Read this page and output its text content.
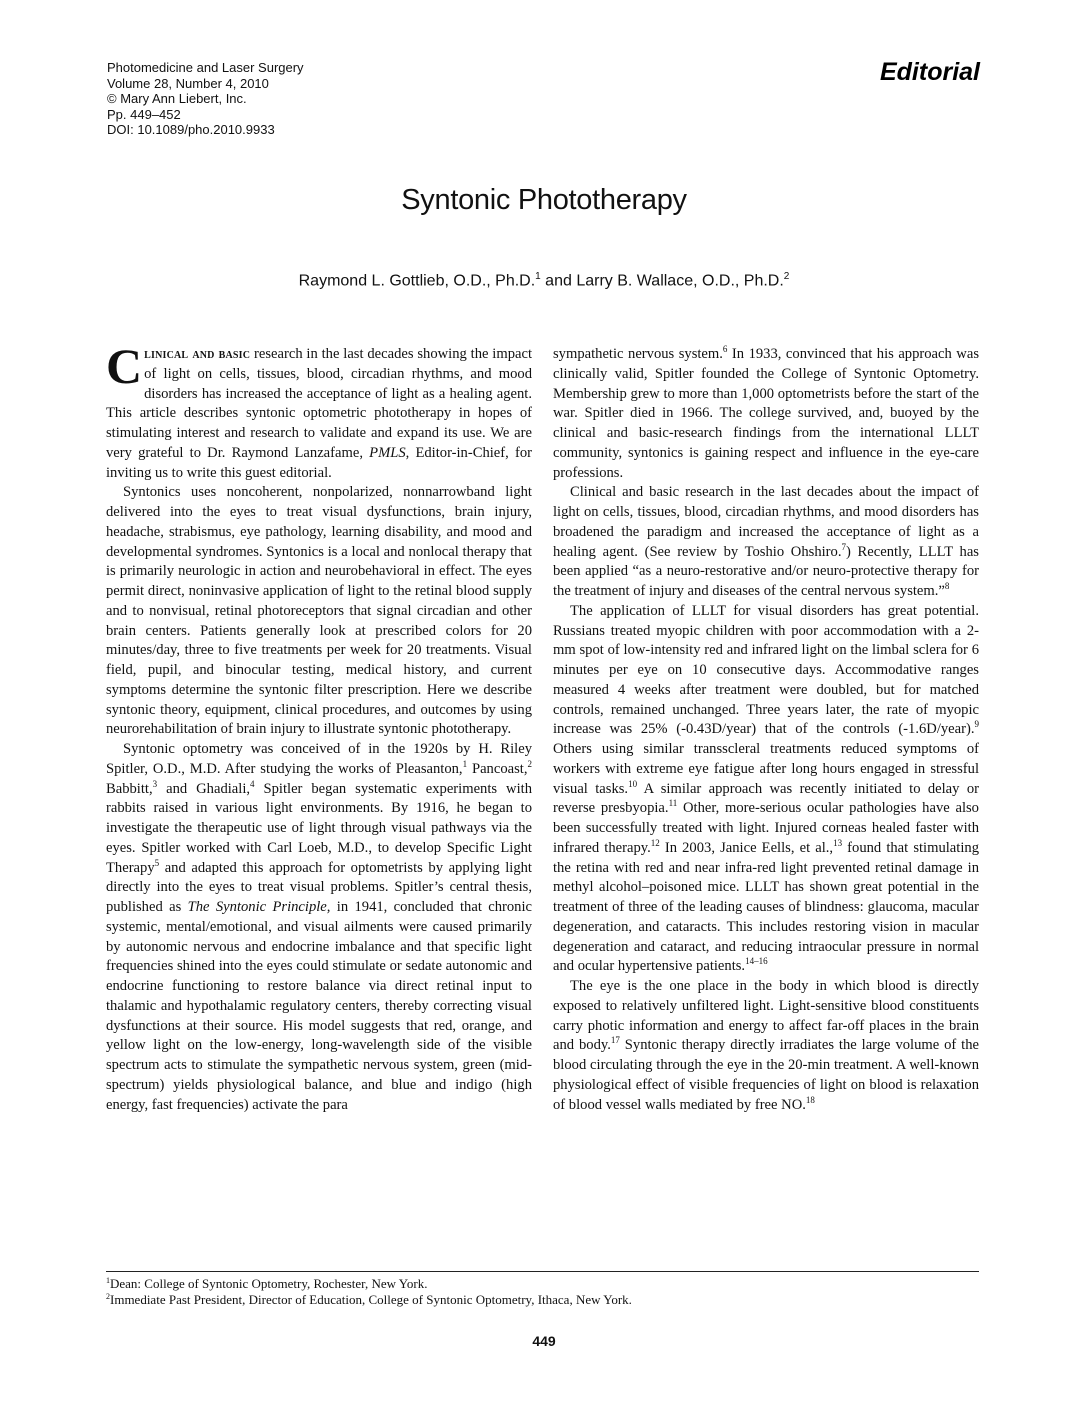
Photomedicine and Laser Surgery
Volume 28, Number 4, 2010
© Mary Ann Liebert, Inc.
Pp. 449–452
DOI: 10.1089/pho.2010.9933
Editorial
Syntonic Phototherapy
Raymond L. Gottlieb, O.D., Ph.D.$^1$ and Larry B. Wallace, O.D., Ph.D.$^2$

Clinical and basic research in the last decades showing the impact of light on cells, tissues, blood, circadian rhythms, and mood disorders has increased the acceptance of light as a healing agent. This article describes syntonic optometric phototherapy in hopes of stimulating interest and research to validate and expand its use. We are very grateful to Dr. Raymond Lanzafame, PMLS, Editor-in-Chief, for inviting us to write this guest editorial.

Syntonics uses noncoherent, nonpolarized, nonnarrowband light delivered into the eyes to treat visual dysfunctions, brain injury, headache, strabismus, eye pathology, learning disability, and mood and developmental syndromes. Syntonics is a local and nonlocal therapy that is primarily neurologic in action and neurobehavioral in effect. The eyes permit direct, noninvasive application of light to the retinal blood supply and to nonvisual, retinal photoreceptors that signal circadian and other brain centers. Patients generally look at prescribed colors for 20 minutes/day, three to five treatments per week for 20 treatments. Visual field, pupil, and binocular testing, medical history, and current symptoms determine the syntonic filter prescription. Here we describe syntonic theory, equipment, clinical procedures, and outcomes by using neurorehabilitation of brain injury to illustrate syntonic phototherapy.

Syntonic optometry was conceived of in the 1920s by H. Riley Spitler, O.D., M.D. After studying the works of Pleasanton,$^1$ Pancoast,$^2$ Babbitt,$^3$ and Ghadiali,$^4$ Spitler began systematic experiments with rabbits raised in various light environments. By 1916, he began to investigate the therapeutic use of light through visual pathways via the eyes. Spitler worked with Carl Loeb, M.D., to develop Specific Light Therapy$^5$ and adapted this approach for optometrists by applying light directly into the eyes to treat visual problems. Spitler’s central thesis, published as The Syntonic Principle, in 1941, concluded that chronic systemic, mental/​emotional, and visual ailments were caused primarily by autonomic nervous and endocrine imbalance and that specific light frequencies shined into the eyes could stimulate or sedate autonomic and endocrine functioning to restore balance via direct retinal input to thalamic and hypothalamic regulatory centers, thereby correcting visual dysfunctions at their source. His model suggests that red, orange, and yellow light on the low-energy, long-wavelength side of the visible spectrum acts to stimulate the sympathetic nervous system, green (mid-spectrum) yields physiological balance, and blue and indigo (high energy, fast frequencies) activate the para

sympathetic nervous system.$^6$ In 1933, convinced that his approach was clinically valid, Spitler founded the College of Syntonic Optometry. Membership grew to more than 1,000 optometrists before the start of the war. Spitler died in 1966. The college survived, and, buoyed by the clinical and basic-research findings from the international LLLT community, syntonics is gaining respect and influence in the eye-care professions.

Clinical and basic research in the last decades about the impact of light on cells, tissues, blood, circadian rhythms, and mood disorders has broadened the paradigm and increased the acceptance of light as a healing agent. (See review by Toshio Ohshiro.$^7$) Recently, LLLT has been applied “as a neuro-restorative and/or neuro-protective therapy for the treatment of injury and diseases of the central nervous system.”$^8$

The application of LLLT for visual disorders has great potential. Russians treated myopic children with poor accommodation with a 2-mm spot of low-intensity red and infrared light on the limbal sclera for 6 minutes per eye on 10 consecutive days. Accommodative ranges measured 4 weeks after treatment were doubled, but for matched controls, remained unchanged. Three years later, the rate of myopic increase was 25% (-0.43D/year) that of the controls (-1.6D/year).$^9$ Others using similar transscleral treatments reduced symptoms of workers with extreme eye fatigue after long hours engaged in stressful visual tasks.$^{10}$ A similar approach was recently initiated to delay or reverse presbyopia.$^{11}$ Other, more-serious ocular pathologies have also been successfully treated with light. Injured corneas healed faster with infrared therapy.$^{12}$ In 2003, Janice Eells, et al.,$^{13}$ found that stimulating the retina with red and near infra-red light prevented retinal damage in methyl alcohol–poisoned mice. LLLT has shown great potential in the treatment of three of the leading causes of blindness: glaucoma, macular degeneration, and cataracts. This includes restoring vision in macular degeneration and cataract, and reducing intraocular pressure in normal and ocular hypertensive patients.$^{14-16}$

The eye is the one place in the body in which blood is directly exposed to relatively unfiltered light. Light-sensitive blood constituents carry photic information and energy to affect far-off places in the brain and body.$^{17}$ Syntonic therapy directly irradiates the large volume of the blood circulating through the eye in the 20-min treatment. A well-known physiological effect of visible frequencies of light on blood is relaxation of blood vessel walls mediated by free NO.$^{18}$

$^1$Dean: College of Syntonic Optometry, Rochester, New York.
$^2$Immediate Past President, Director of Education, College of Syntonic Optometry, Ithaca, New York.
449
